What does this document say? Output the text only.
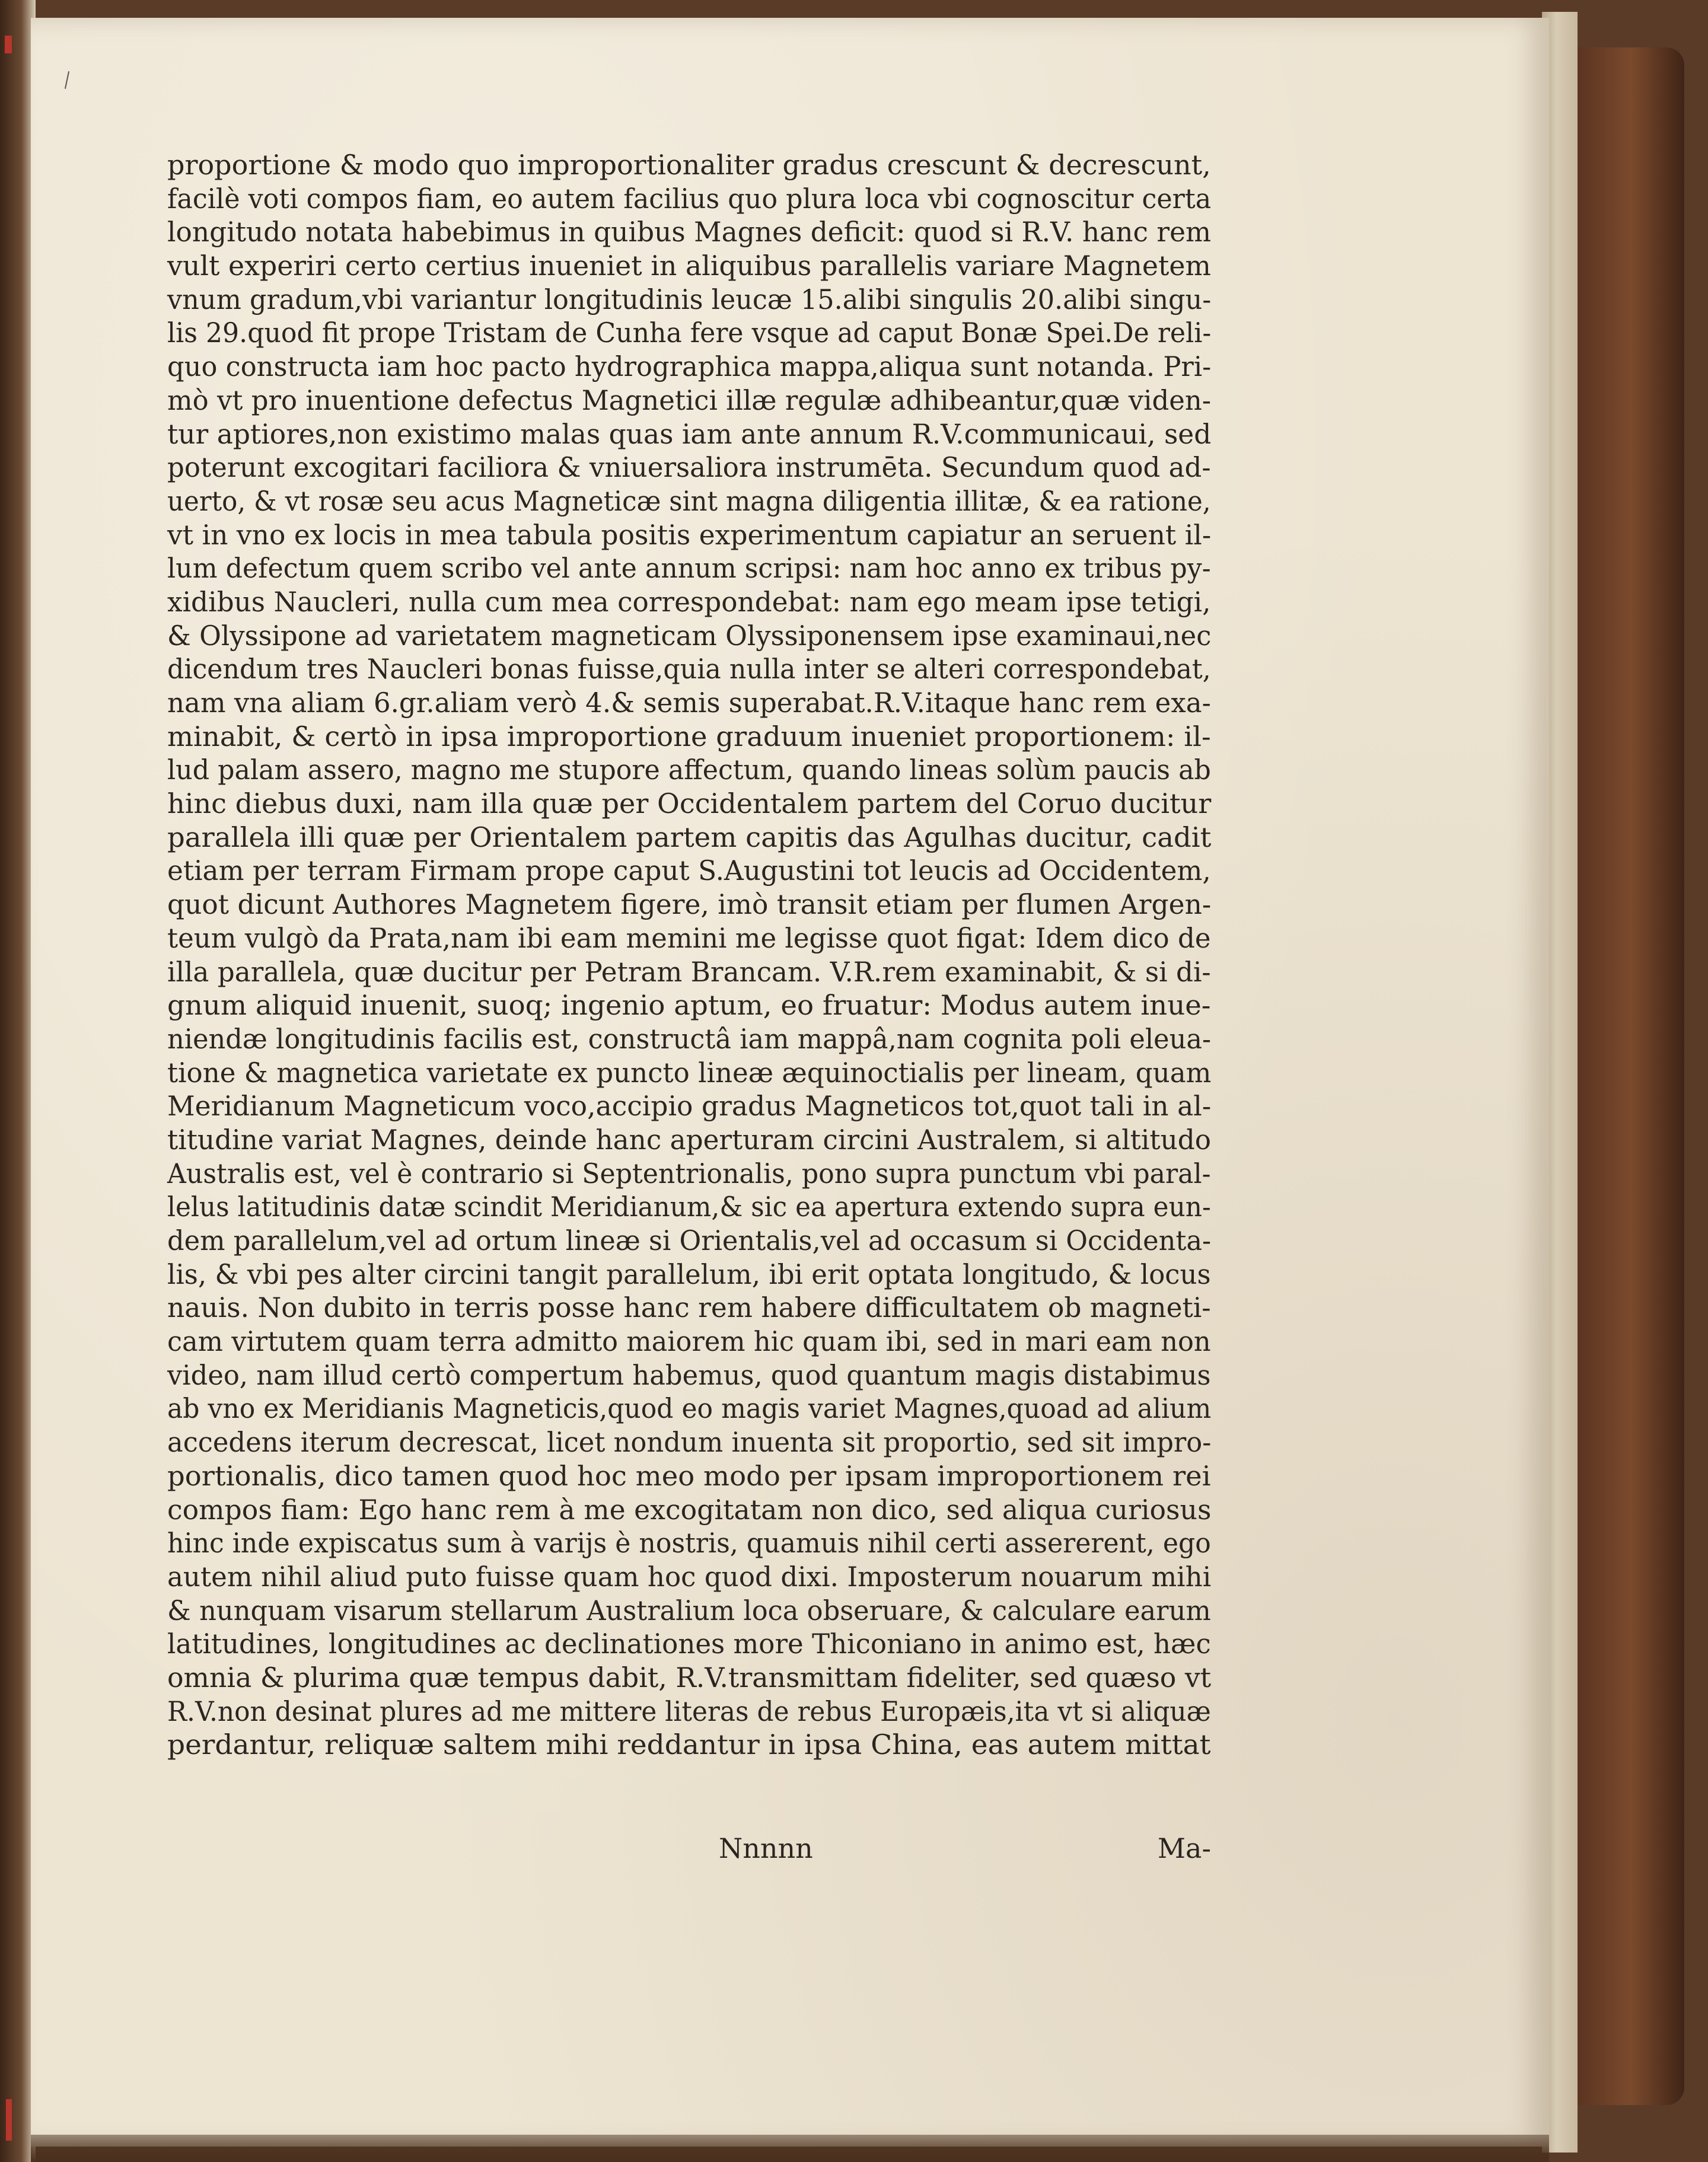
proportione & modo quo improportionaliter gradus crescunt & decrescunt,
facilè voti compos fiam, eo autem facilius quo plura loca vbi cognoscitur certa
longitudo notata habebimus in quibus Magnes deficit: quod si R.V. hanc rem
vult experiri certo certius inueniet in aliquibus parallelis variare Magnetem
vnum gradum,vbi variantur longitudinis leucæ 15.alibi singulis 20.alibi singu-
lis 29.quod fit prope Tristam de Cunha fere vsque ad caput Bonæ Spei.De reli-
quo constructa iam hoc pacto hydrographica mappa,aliqua sunt notanda. Pri-
mò vt pro inuentione defectus Magnetici illæ regulæ adhibeantur,quæ viden-
tur aptiores,non existimo malas quas iam ante annum R.V.communicaui, sed
poterunt excogitari faciliora & vniuersaliora instrumēta. Secundum quod ad-
uerto, & vt rosæ seu acus Magneticæ sint magna diligentia illitæ, & ea ratione,
vt in vno ex locis in mea tabula positis experimentum capiatur an seruent il-
lum defectum quem scribo vel ante annum scripsi: nam hoc anno ex tribus py-
xidibus Naucleri, nulla cum mea correspondebat: nam ego meam ipse tetigi,
& Olyssipone ad varietatem magneticam Olyssiponensem ipse examinaui,nec
dicendum tres Naucleri bonas fuisse,quia nulla inter se alteri correspondebat,
nam vna aliam 6.gr.aliam verò 4.& semis superabat.R.V.itaque hanc rem exa-
minabit, & certò in ipsa improportione graduum inueniet proportionem: il-
lud palam assero, magno me stupore affectum, quando lineas solùm paucis ab
hinc diebus duxi, nam illa quæ per Occidentalem partem del Coruo ducitur
parallela illi quæ per Orientalem partem capitis das Agulhas ducitur, cadit
etiam per terram Firmam prope caput S.Augustini tot leucis ad Occidentem,
quot dicunt Authores Magnetem figere, imò transit etiam per flumen Argen-
teum vulgò da Prata,nam ibi eam memini me legisse quot figat: Idem dico de
illa parallela, quæ ducitur per Petram Brancam. V.R.rem examinabit, & si di-
gnum aliquid inuenit, suoq; ingenio aptum, eo fruatur: Modus autem inue-
niendæ longitudinis facilis est, constructâ iam mappâ,nam cognita poli eleua-
tione & magnetica varietate ex puncto lineæ æquinoctialis per lineam, quam
Meridianum Magneticum voco,accipio gradus Magneticos tot,quot tali in al-
titudine variat Magnes, deinde hanc aperturam circini Australem, si altitudo
Australis est, vel è contrario si Septentrionalis, pono supra punctum vbi paral-
lelus latitudinis datæ scindit Meridianum,& sic ea apertura extendo supra eun-
dem parallelum,vel ad ortum lineæ si Orientalis,vel ad occasum si Occidenta-
lis, & vbi pes alter circini tangit parallelum, ibi erit optata longitudo, & locus
nauis. Non dubito in terris posse hanc rem habere difficultatem ob magneti-
cam virtutem quam terra admitto maiorem hic quam ibi, sed in mari eam non
video, nam illud certò compertum habemus, quod quantum magis distabimus
ab vno ex Meridianis Magneticis,quod eo magis variet Magnes,quoad ad alium
accedens iterum decrescat, licet nondum inuenta sit proportio, sed sit impro-
portionalis, dico tamen quod hoc meo modo per ipsam improportionem rei
compos fiam: Ego hanc rem à me excogitatam non dico, sed aliqua curiosus
hinc inde expiscatus sum à varijs è nostris, quamuis nihil certi assererent, ego
autem nihil aliud puto fuisse quam hoc quod dixi. Imposterum nouarum mihi
& nunquam visarum stellarum Australium loca obseruare, & calculare earum
latitudines, longitudines ac declinationes more Thiconiano in animo est, hæc
omnia & plurima quæ tempus dabit, R.V.transmittam fideliter, sed quæso vt
R.V.non desinat plures ad me mittere literas de rebus Europæis,ita vt si aliquæ
perdantur, reliquæ saltem mihi reddantur in ipsa China, eas autem mittat
Nnnnn	Ma-
